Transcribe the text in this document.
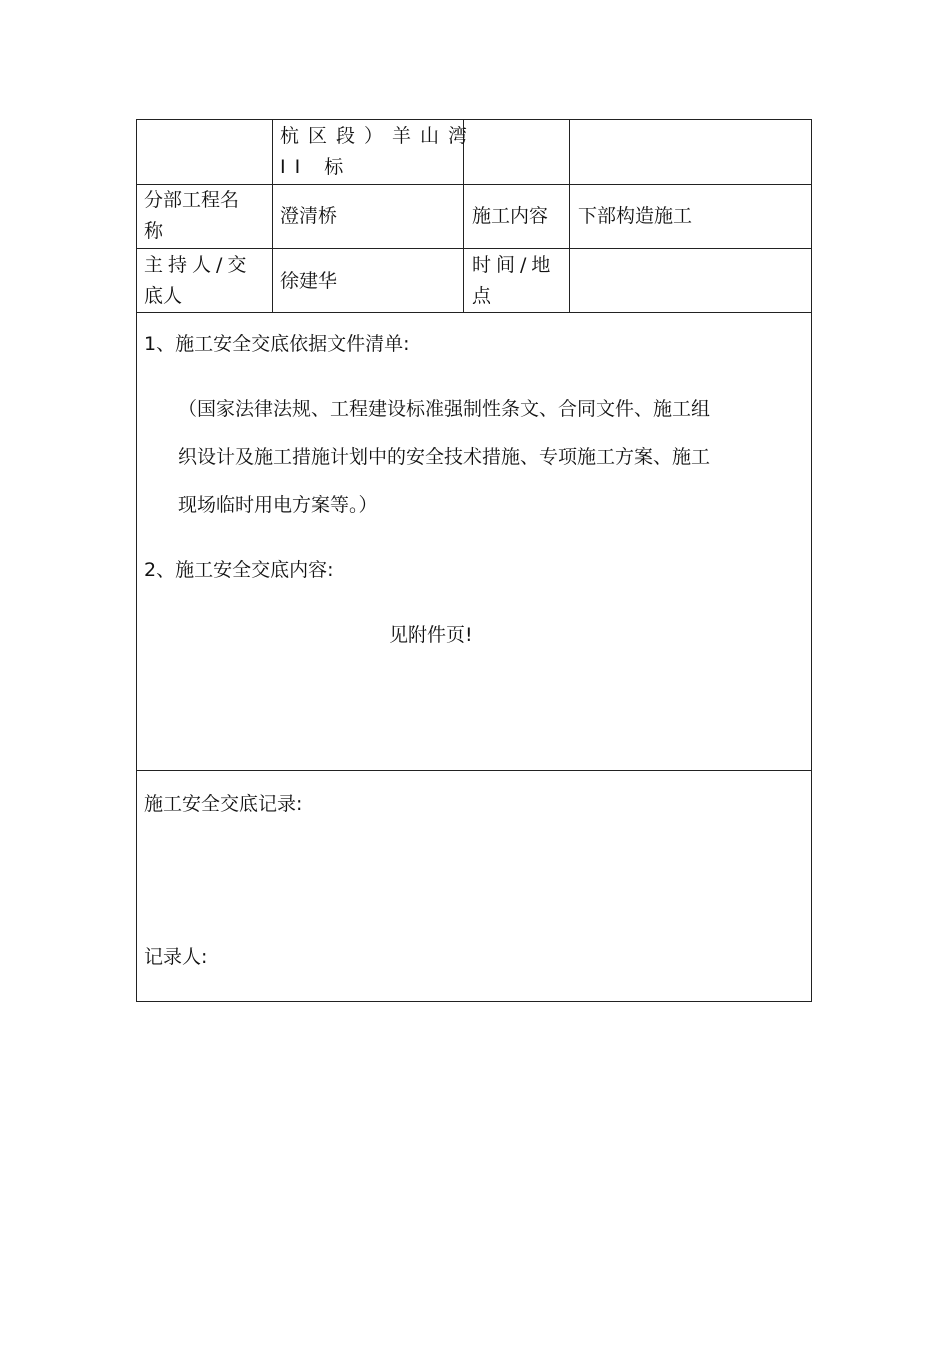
杭区段）羊山湾
II 标
分部工程名
称
澄清桥	施工内容 下部构造施工
主持人/交
底人
徐建华
时间/地
点
1、施工安全交底依据文件清单:
（国家法律法规、工程建设标准强制性条文、合同文件、施工组
织设计及施工措施计划中的安全技术措施、专项施工方案、施工
现场临时用电方案等。）
2、施工安全交底内容:
见附件页!
施工安全交底记录:
记录人:
